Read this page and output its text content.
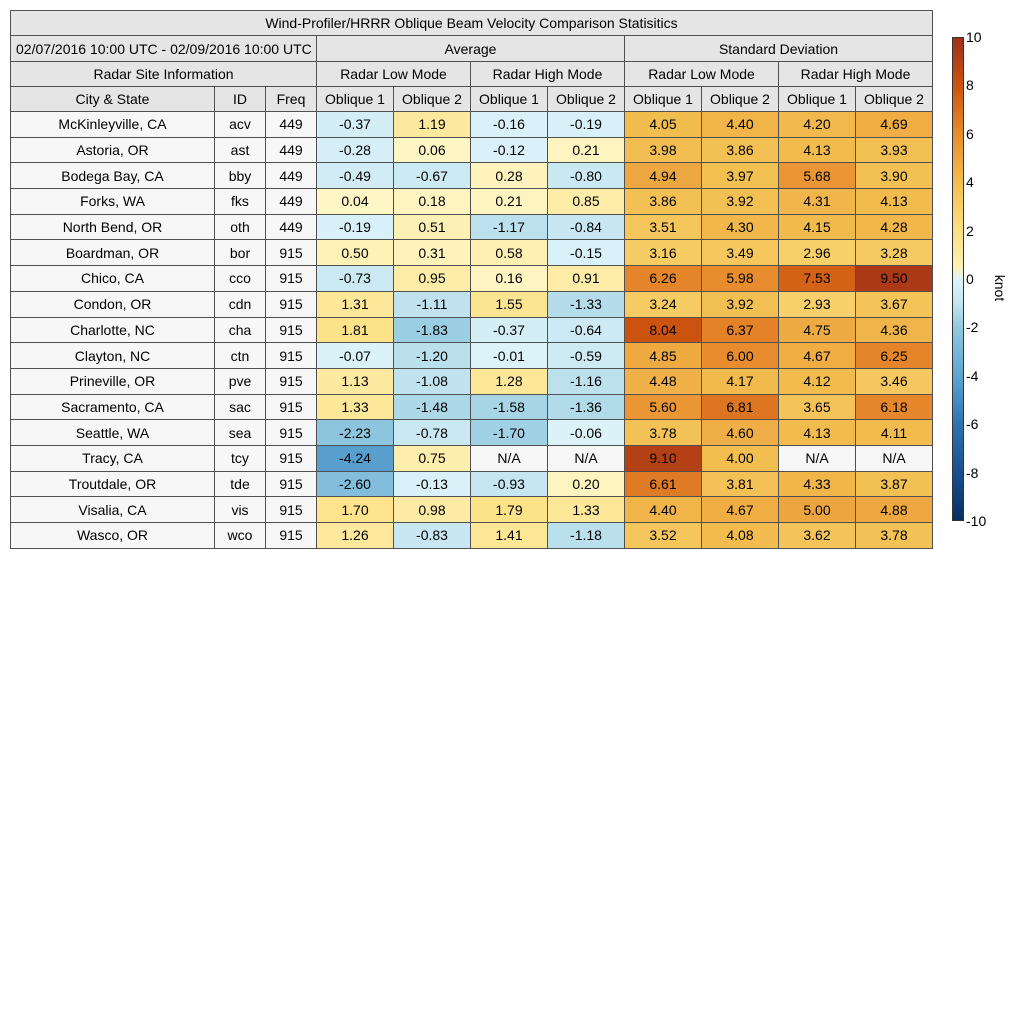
Wind-Profiler/HRRR Oblique Beam Velocity Comparison Statisitics										
02/07/2016 10:00 UTC - 02/09/2016 10:00 UTC			Average				Standard Deviation			
Radar Site Information			Radar Low Mode		Radar High Mode		Radar Low Mode		Radar High Mode	
City & State	ID	Freq	Oblique 1	Oblique 2	Oblique 1	Oblique 2	Oblique 1	Oblique 2	Oblique 1	Oblique 2
McKinleyville, CA	acv	449	-0.37	1.19	-0.16	-0.19	4.05	4.40	4.20	4.69
Astoria, OR	ast	449	-0.28	0.06	-0.12	0.21	3.98	3.86	4.13	3.93
Bodega Bay, CA	bby	449	-0.49	-0.67	0.28	-0.80	4.94	3.97	5.68	3.90
Forks, WA	fks	449	0.04	0.18	0.21	0.85	3.86	3.92	4.31	4.13
North Bend, OR	oth	449	-0.19	0.51	-1.17	-0.84	3.51	4.30	4.15	4.28
Boardman, OR	bor	915	0.50	0.31	0.58	-0.15	3.16	3.49	2.96	3.28
Chico, CA	cco	915	-0.73	0.95	0.16	0.91	6.26	5.98	7.53	9.50
Condon, OR	cdn	915	1.31	-1.11	1.55	-1.33	3.24	3.92	2.93	3.67
Charlotte, NC	cha	915	1.81	-1.83	-0.37	-0.64	8.04	6.37	4.75	4.36
Clayton, NC	ctn	915	-0.07	-1.20	-0.01	-0.59	4.85	6.00	4.67	6.25
Prineville, OR	pve	915	1.13	-1.08	1.28	-1.16	4.48	4.17	4.12	3.46
Sacramento, CA	sac	915	1.33	-1.48	-1.58	-1.36	5.60	6.81	3.65	6.18
Seattle, WA	sea	915	-2.23	-0.78	-1.70	-0.06	3.78	4.60	4.13	4.11
Tracy, CA	tcy	915	-4.24	0.75	N/A	N/A	9.10	4.00	N/A	N/A
Troutdale, OR	tde	915	-2.60	-0.13	-0.93	0.20	6.61	3.81	4.33	3.87
Visalia, CA	vis	915	1.70	0.98	1.79	1.33	4.40	4.67	5.00	4.88
Wasco, OR	wco	915	1.26	-0.83	1.41	-1.18	3.52	4.08	3.62	3.78
10
8
6
4
2
0
-2
-4
-6
-8
-10
knot
